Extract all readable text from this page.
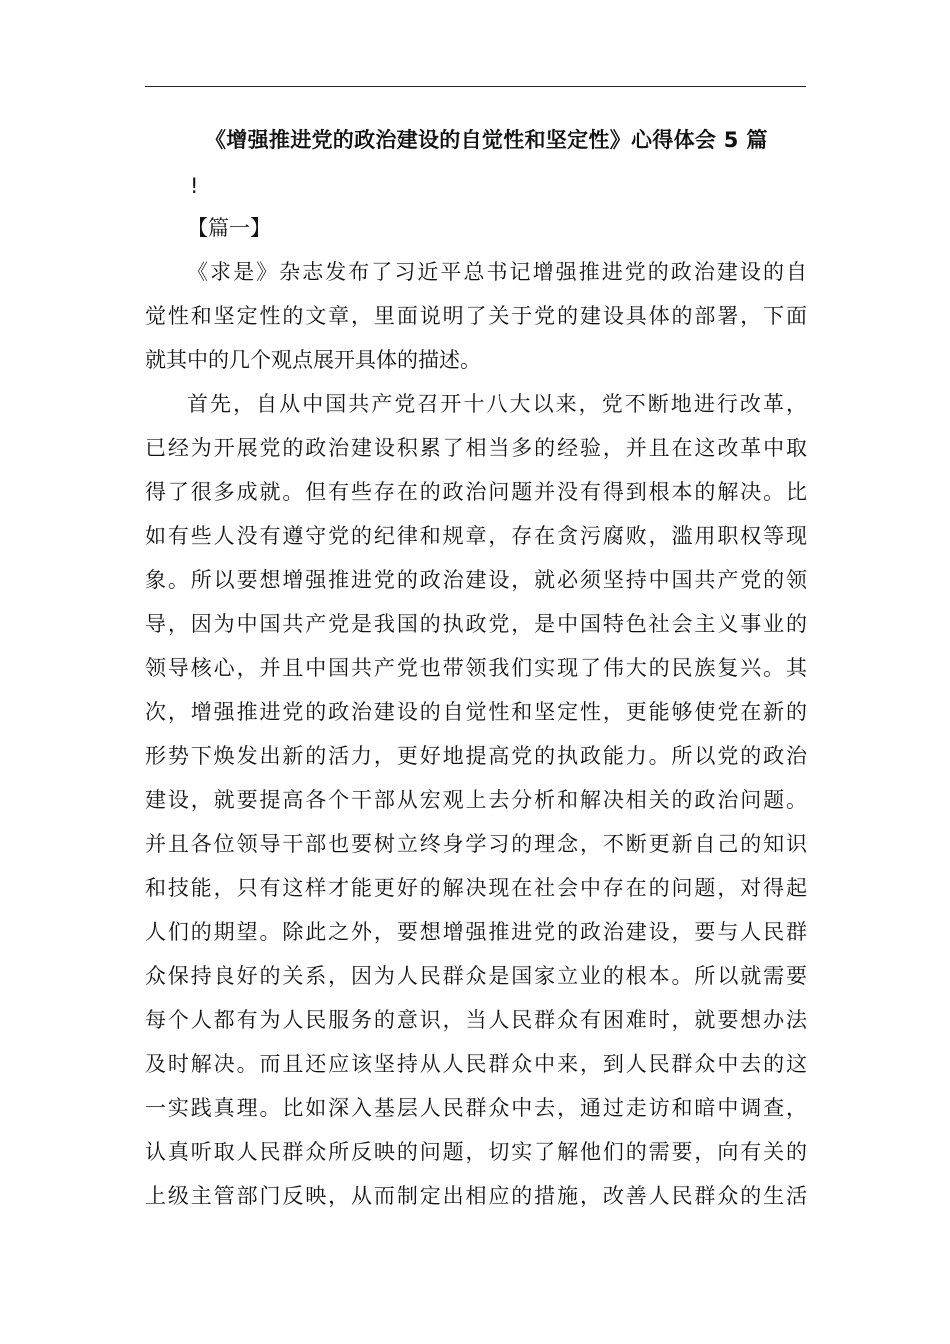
《增强推进党的政治建设的自觉性和坚定性》心得体会 5 篇
!
【篇一】
《求是》杂志发布了习近平总书记增强推进党的政治建设的自
觉性和坚定性的文章，里面说明了关于党的建设具体的部署，下面
就其中的几个观点展开具体的描述。
首先，自从中国共产党召开十八大以来，党不断地进行改革，
已经为开展党的政治建设积累了相当多的经验，并且在这改革中取
得了很多成就。但有些存在的政治问题并没有得到根本的解决。比
如有些人没有遵守党的纪律和规章，存在贪污腐败，滥用职权等现
象。所以要想增强推进党的政治建设，就必须坚持中国共产党的领
导，因为中国共产党是我国的执政党，是中国特色社会主义事业的
领导核心，并且中国共产党也带领我们实现了伟大的民族复兴。其
次，增强推进党的政治建设的自觉性和坚定性，更能够使党在新的
形势下焕发出新的活力，更好地提高党的执政能力。所以党的政治
建设，就要提高各个干部从宏观上去分析和解决相关的政治问题。
并且各位领导干部也要树立终身学习的理念，不断更新自己的知识
和技能，只有这样才能更好的解决现在社会中存在的问题，对得起
人们的期望。除此之外，要想增强推进党的政治建设，要与人民群
众保持良好的关系，因为人民群众是国家立业的根本。所以就需要
每个人都有为人民服务的意识，当人民群众有困难时，就要想办法
及时解决。而且还应该坚持从人民群众中来，到人民群众中去的这
一实践真理。比如深入基层人民群众中去，通过走访和暗中调查，
认真听取人民群众所反映的问题，切实了解他们的需要，向有关的
上级主管部门反映，从而制定出相应的措施，改善人民群众的生活
